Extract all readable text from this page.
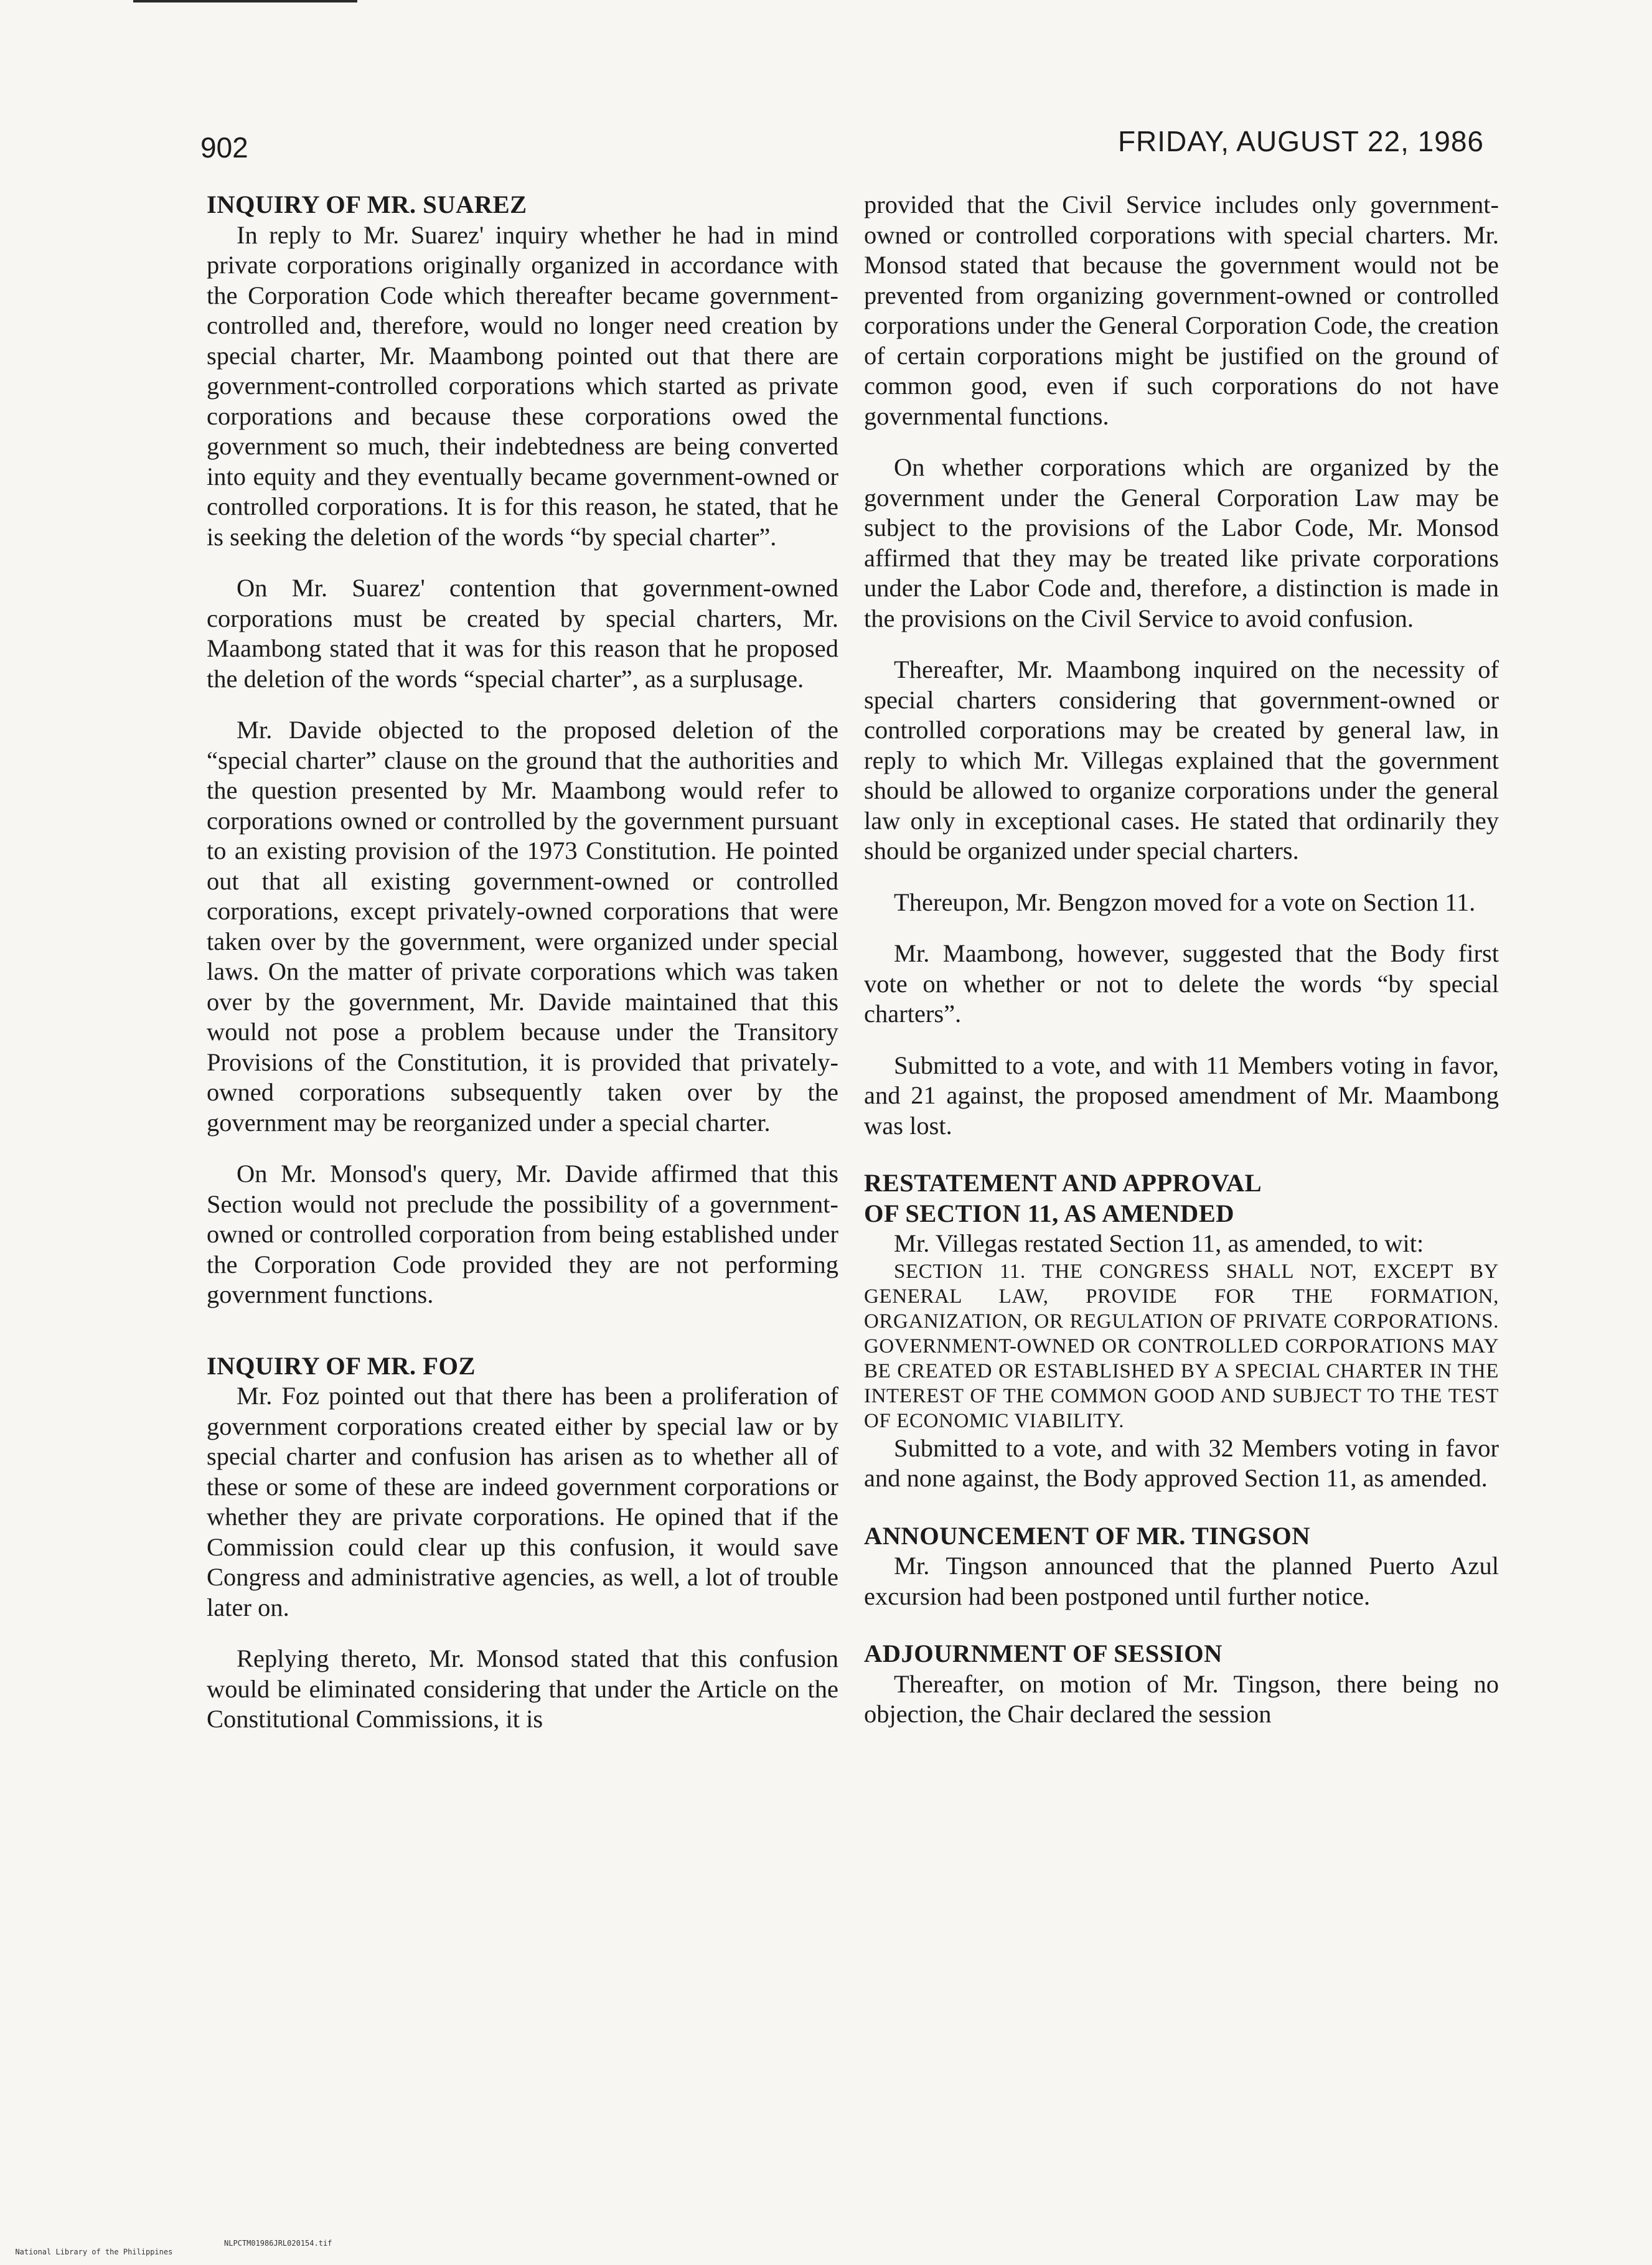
902	FRIDAY, AUGUST 22, 1986
INQUIRY OF MR. SUAREZ

In reply to Mr. Suarez' inquiry whether he had in mind private corporations originally organized in accordance with the Corporation Code which thereafter became government-controlled and, therefore, would no longer need creation by special charter, Mr. Maambong pointed out that there are government-controlled corporations which started as private corporations and because these corporations owed the government so much, their indebtedness are being converted into equity and they eventually became government-owned or controlled corporations. It is for this reason, he stated, that he is seeking the deletion of the words “by special charter”.

On Mr. Suarez' contention that government-owned corporations must be created by special charters, Mr. Maambong stated that it was for this reason that he proposed the deletion of the words “special charter”, as a surplusage.

Mr. Davide objected to the proposed deletion of the “special charter” clause on the ground that the authorities and the question presented by Mr. Maambong would refer to corporations owned or controlled by the government pursuant to an existing provision of the 1973 Constitution. He pointed out that all existing government-owned or controlled corporations, except privately-owned corporations that were taken over by the government, were organized under special laws. On the matter of private corporations which was taken over by the government, Mr. Davide maintained that this would not pose a problem because under the Transitory Provisions of the Constitution, it is provided that privately-owned corporations subsequently taken over by the government may be reorganized under a special charter.

On Mr. Monsod's query, Mr. Davide affirmed that this Section would not preclude the possibility of a government-owned or controlled corporation from being established under the Corporation Code provided they are not performing government functions.

INQUIRY OF MR. FOZ

Mr. Foz pointed out that there has been a proliferation of government corporations created either by special law or by special charter and confusion has arisen as to whether all of these or some of these are indeed government corporations or whether they are private corporations. He opined that if the Commission could clear up this confusion, it would save Congress and administrative agencies, as well, a lot of trouble later on.

Replying thereto, Mr. Monsod stated that this confusion would be eliminated considering that under the Article on the Constitutional Commissions, it is

provided that the Civil Service includes only government-owned or controlled corporations with special charters. Mr. Monsod stated that because the government would not be prevented from organizing government-owned or controlled corporations under the General Corporation Code, the creation of certain corporations might be justified on the ground of common good, even if such corporations do not have governmental functions.

On whether corporations which are organized by the government under the General Corporation Law may be subject to the provisions of the Labor Code, Mr. Monsod affirmed that they may be treated like private corporations under the Labor Code and, therefore, a distinction is made in the provisions on the Civil Service to avoid confusion.

Thereafter, Mr. Maambong inquired on the necessity of special charters considering that government-owned or controlled corporations may be created by general law, in reply to which Mr. Villegas explained that the government should be allowed to organize corporations under the general law only in exceptional cases. He stated that ordinarily they should be organized under special charters.

Thereupon, Mr. Bengzon moved for a vote on Section 11.

Mr. Maambong, however, suggested that the Body first vote on whether or not to delete the words “by special charters”.

Submitted to a vote, and with 11 Members voting in favor, and 21 against, the proposed amendment of Mr. Maambong was lost.

RESTATEMENT AND APPROVAL
OF SECTION 11, AS AMENDED

Mr. Villegas restated Section 11, as amended, to wit:

SECTION 11. THE CONGRESS SHALL NOT, EXCEPT BY GENERAL LAW, PROVIDE FOR THE FORMATION, ORGANIZATION, OR REGULATION OF PRIVATE CORPORATIONS. GOVERNMENT-OWNED OR CONTROLLED CORPORATIONS MAY BE CREATED OR ESTABLISHED BY A SPECIAL CHARTER IN THE INTEREST OF THE COMMON GOOD AND SUBJECT TO THE TEST OF ECONOMIC VIABILITY.

Submitted to a vote, and with 32 Members voting in favor and none against, the Body approved Section 11, as amended.

ANNOUNCEMENT OF MR. TINGSON

Mr. Tingson announced that the planned Puerto Azul excursion had been postponed until further notice.

ADJOURNMENT OF SESSION

Thereafter, on motion of Mr. Tingson, there being no objection, the Chair declared the session

National Library of the Philippines

NLPCTM01986JRL020154.tif
